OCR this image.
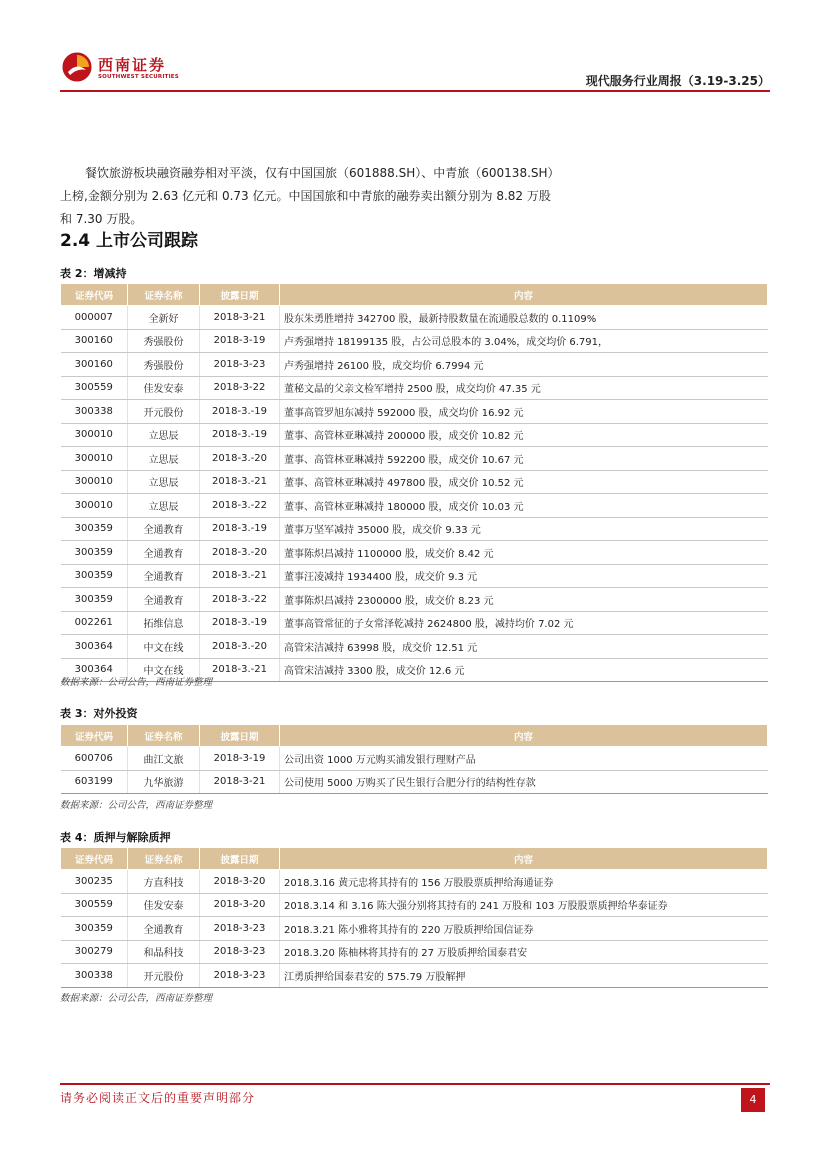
西南证券
SOUTHWEST SECURITIES	现代服务行业周报（3.19-3.25）
餐饮旅游板块融资融券相对平淡，仅有中国国旅（601888.SH）、中青旅（600138.SH）
上榜,金额分别为 2.63 亿元和 0.73 亿元。中国国旅和中青旅的融券卖出额分别为 8.82 万股
和 7.30 万股。
2.4 上市公司跟踪
表 2：增减持
证券代码	证券名称	披露日期	内容
000007	全新好	2018-3-21	股东朱勇胜增持 342700 股，最新持股数量在流通股总数的 0.1109%
300160	秀强股份	2018-3-19	卢秀强增持 18199135 股，占公司总股本的 3.04%，成交均价 6.791，
300160	秀强股份	2018-3-23	卢秀强增持 26100 股，成交均价 6.7994 元
300559	佳发安泰	2018-3-22	董秘文晶的父亲文检军增持 2500 股，成交均价 47.35 元
300338	开元股份	2018-3.-19	董事高管罗旭东减持 592000 股，成交均价 16.92 元
300010	立思辰	2018-3.-19	董事、高管林亚琳减持 200000 股，成交价 10.82 元
300010	立思辰	2018-3.-20	董事、高管林亚琳减持 592200 股，成交价 10.67 元
300010	立思辰	2018-3.-21	董事、高管林亚琳减持 497800 股，成交价 10.52 元
300010	立思辰	2018-3.-22	董事、高管林亚琳减持 180000 股，成交价 10.03 元
300359	全通教育	2018-3.-19	董事万坚军减持 35000 股，成交价 9.33 元
300359	全通教育	2018-3.-20	董事陈炽昌减持 1100000 股，成交价 8.42 元
300359	全通教育	2018-3.-21	董事汪凌减持 1934400 股，成交价 9.3 元
300359	全通教育	2018-3.-22	董事陈炽昌减持 2300000 股，成交价 8.23 元
002261	拓维信息	2018-3.-19	董事高管常征的子女常泽乾减持 2624800 股，减持均价 7.02 元
300364	中文在线	2018-3.-20	高管宋洁减持 63998 股，成交价 12.51 元
300364	中文在线	2018-3.-21	高管宋洁减持 3300 股，成交价 12.6 元
数据来源：公司公告，西南证券整理
表 3：对外投资
证券代码	证券名称	披露日期	内容
600706	曲江文旅	2018-3-19	公司出资 1000 万元购买浦发银行理财产品
603199	九华旅游	2018-3-21	公司使用 5000 万购买了民生银行合肥分行的结构性存款
数据来源：公司公告，西南证券整理
表 4：质押与解除质押
证券代码	证券名称	披露日期	内容
300235	方直科技	2018-3-20	2018.3.16 黄元忠将其持有的 156 万股股票质押给海通证券
300559	佳发安泰	2018-3-20	2018.3.14 和 3.16 陈大强分别将其持有的 241 万股和 103 万股股票质押给华泰证券
300359	全通教育	2018-3-23	2018.3.21 陈小雅将其持有的 220 万股质押给国信证券
300279	和晶科技	2018-3-23	2018.3.20 陈柚林将其持有的 27 万股质押给国泰君安
300338	开元股份	2018-3-23	江勇质押给国泰君安的 575.79 万股解押
数据来源：公司公告，西南证券整理
请务必阅读正文后的重要声明部分	4
